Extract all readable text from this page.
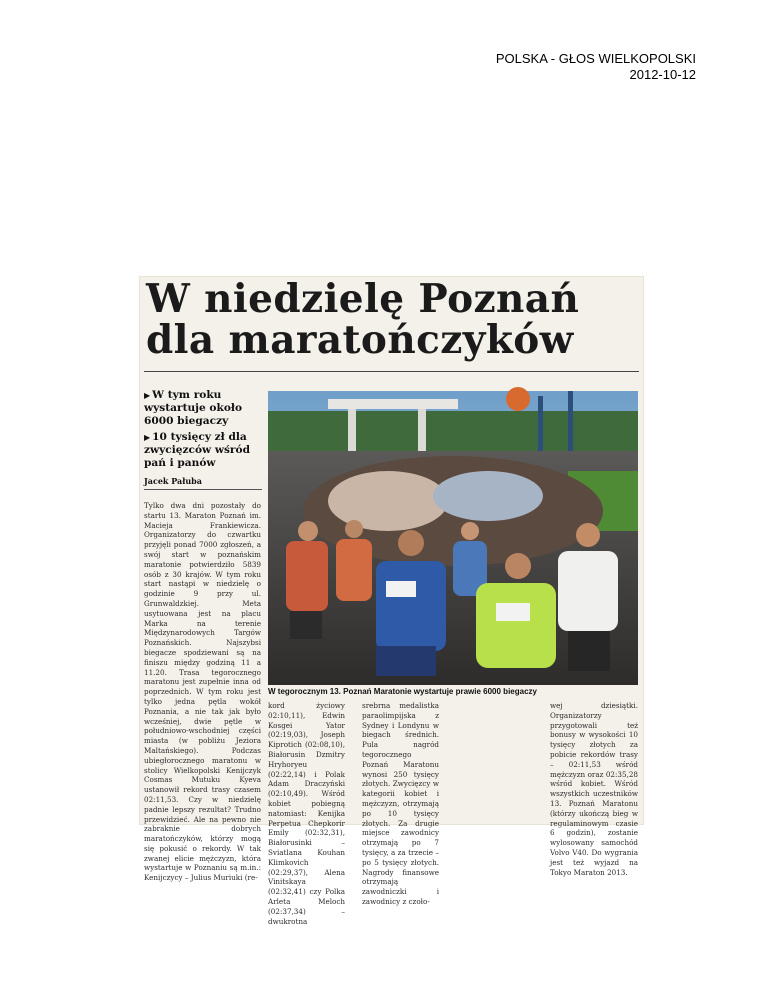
POLSKA - GŁOS WIELKOPOLSKI
2012-10-12
W niedzielę Poznań
dla maratończyków
▶ W tym roku wystartuje około 6000 biegaczy
▶ 10 tysięcy zł dla zwycięzców wśród pań i panów
Jacek Pałuba
Tylko dwa dni pozostały do startu 13. Maraton Poznań im. Macieja Frankiewicza. Organizatorzy do czwartku przyjęli ponad 7000 zgłoszeń, a swój start w poznańskim maratonie potwierdziło 5839 osób z 30 krajów. W tym roku start nastąpi w niedzielę o godzinie 9 przy ul. Grunwaldzkiej. Meta usytuowana jest na placu Marka na terenie Międzynarodowych Targów Poznańskich. Najszybsi biegacze spodziewani są na finiszu między godziną 11 a 11.20. Trasa tegorocznego maratonu jest zupełnie inna od poprzednich. W tym roku jest tylko jedna pętla wokół Poznania, a nie tak jak było wcześniej, dwie pętle w południowo-wschodniej części miasta (w pobliżu Jeziora Maltańskiego). Podczas ubiegłorocznego maratonu w stolicy Wielkopolski Kenijczyk Cosmas Mutuku Kyeva ustanowił rekord trasy czasem 02:11,53. Czy w niedzielę padnie lepszy rezultat? Trudno przewidzieć. Ale na pewno nie zabraknie dobrych maratończyków, którzy mogą się pokusić o rekordy. W tak zwanej elicie mężczyzn, która wystartuje w Poznaniu są m.in.: Kenijczycy – Julius Muriuki (re-
W tegorocznym 13. Poznań Maratonie wystartuje prawie 6000 biegaczy
kord życiowy 02:10,11), Edwin Kosgei Yator (02:19,03), Joseph Kiprotich (02:08,10), Białorusin Dzmitry Hryhoryeu (02:22,14) i Polak Adam Draczyński (02:10,49). Wśród kobiet pobiegną natomiast: Kenijka Perpetua Chepkorir Emily (02:32,31), Białorusinki – Sviatlana Kouhan Klimkovich (02:29,37), Alena Vinitskaya (02:32,41) czy Polka Arleta Meloch (02:37,34) – dwukrotna
srebrna medalistka paraolimpijska z Sydney i Londynu w biegach średnich. Pula nagród tegorocznego Poznań Maratonu wynosi 250 tysięcy złotych. Zwycięzcy w kategorii kobiet i mężczyzn, otrzymają po 10 tysięcy złotych. Za drugie miejsce zawodnicy otrzymają po 7 tysięcy, a za trzecie – po 5 tysięcy złotych. Nagrody finansowe otrzymają zawodniczki i zawodnicy z czoło-
wej dziesiątki. Organizatorzy przygotowali też bonusy w wysokości 10 tysięcy złotych za pobicie rekordów trasy – 02:11,53 wśród mężczyzn oraz 02:35,28 wśród kobiet. Wśród wszystkich uczestników 13. Poznań Maratonu (którzy ukończą bieg w regulaminowym czasie 6 godzin), zostanie wylosowany samochód Volvo V40. Do wygrania jest też wyjazd na Tokyo Maraton 2013.
